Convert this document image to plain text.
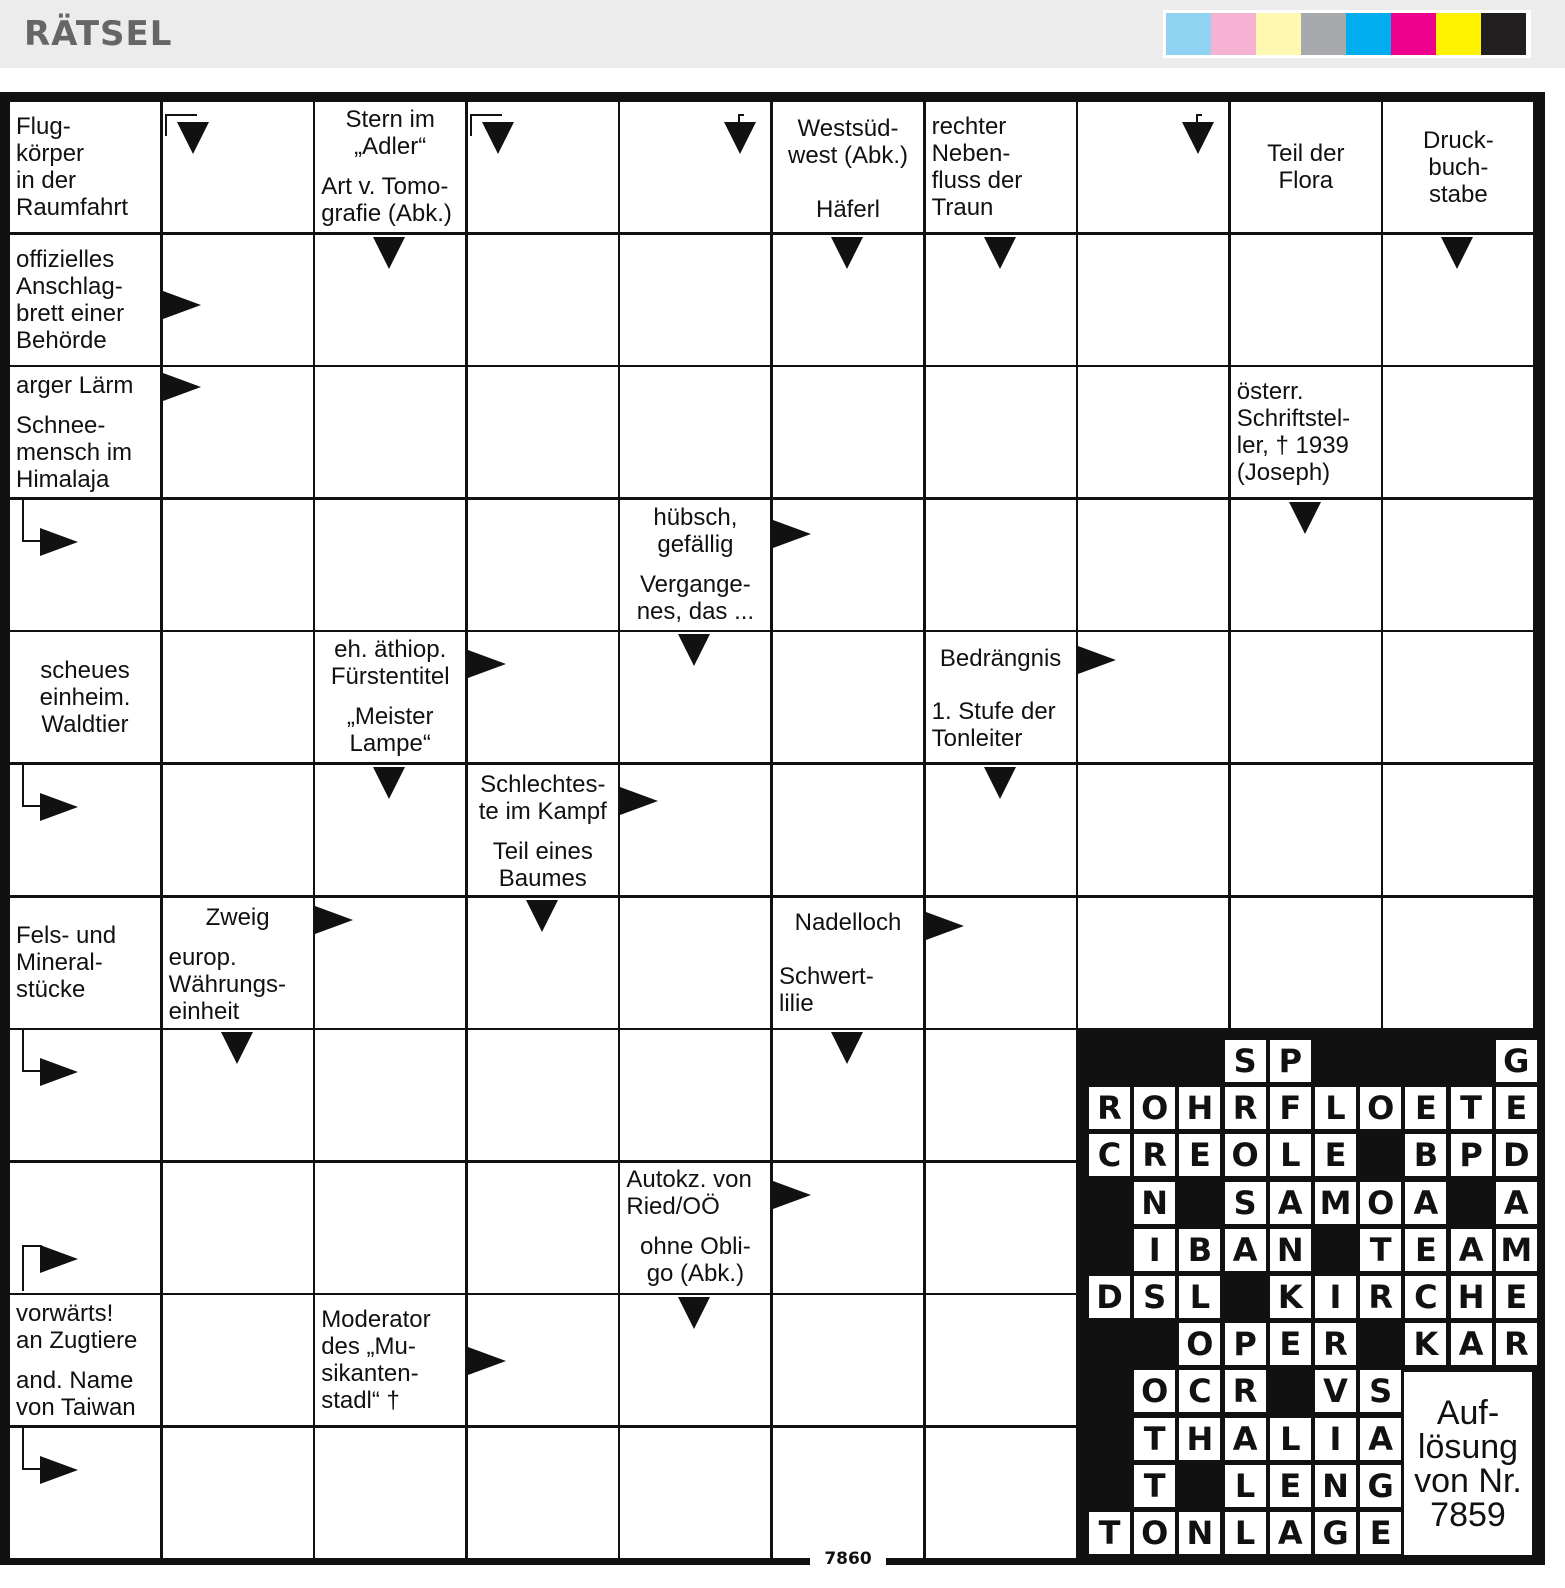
RÄTSEL
Flug-
körper
in der
Raumfahrt
Stern im
„Adler“
Art v. Tomo-
grafie (Abk.)
Westsüd-
west (Abk.)
Häferl
rechter
Neben-
fluss der
Traun
Teil der
Flora
Druck-
buch-
stabe
offizielles
Anschlag-
brett einer
Behörde
arger Lärm
Schnee-
mensch im
Himalaja
österr.
Schriftstel-
ler, † 1939
(Joseph)
hübsch,
gefällig
Vergange-
nes, das ...
scheues
einheim.
Waldtier
eh. äthiop.
Fürstentitel
„Meister
Lampe“
Bedrängnis
1. Stufe der
Tonleiter
Schlechtes-
te im Kampf
Teil eines
Baumes
Fels- und
Mineral-
stücke
Zweig
europ.
Währungs-
einheit
Nadelloch
Schwert-
lilie
Autokz. von
Ried/OÖ
ohne Obli-
go (Abk.)
vorwärts!
an Zugtiere
and. Name
von Taiwan
Moderator
des „Mu-
sikanten-
stadl“ †
S P	G
R O H R F L O E T E
C R E O L E B P D
N S A M O A A
I B A N T E A M
D S L	K I R C H E
O P E R K A R
O C R V S
T H A L I A
T	L E N G
T O N L A G E
Auf-
lösung
von Nr.
7859
7860
